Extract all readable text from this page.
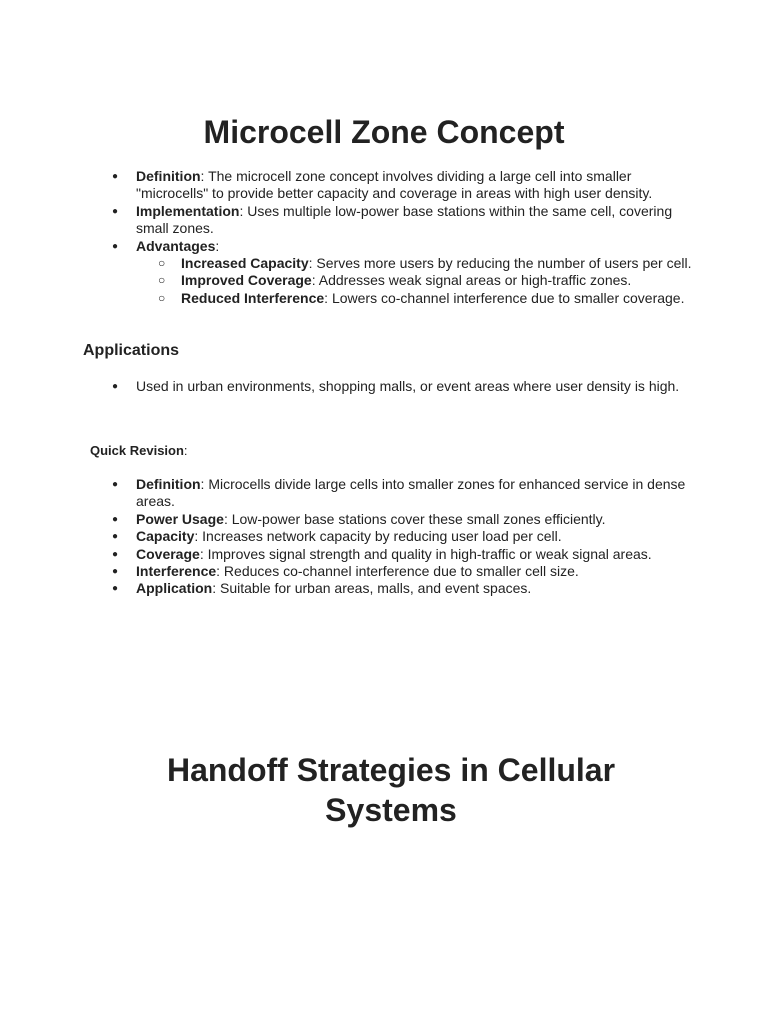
Microcell Zone Concept
● Definition: The microcell zone concept involves dividing a large cell into smaller "microcells" to provide better capacity and coverage in areas with high user density.
● Implementation: Uses multiple low-power base stations within the same cell, covering small zones.
● Advantages:
○ Increased Capacity: Serves more users by reducing the number of users per cell.
○ Improved Coverage: Addresses weak signal areas or high-traffic zones.
○ Reduced Interference: Lowers co-channel interference due to smaller coverage.
Applications
● Used in urban environments, shopping malls, or event areas where user density is high.
Quick Revision:
● Definition: Microcells divide large cells into smaller zones for enhanced service in dense areas.
● Power Usage: Low-power base stations cover these small zones efficiently.
● Capacity: Increases network capacity by reducing user load per cell.
● Coverage: Improves signal strength and quality in high-traffic or weak signal areas.
● Interference: Reduces co-channel interference due to smaller cell size.
● Application: Suitable for urban areas, malls, and event spaces.
Handoff Strategies in Cellular Systems
